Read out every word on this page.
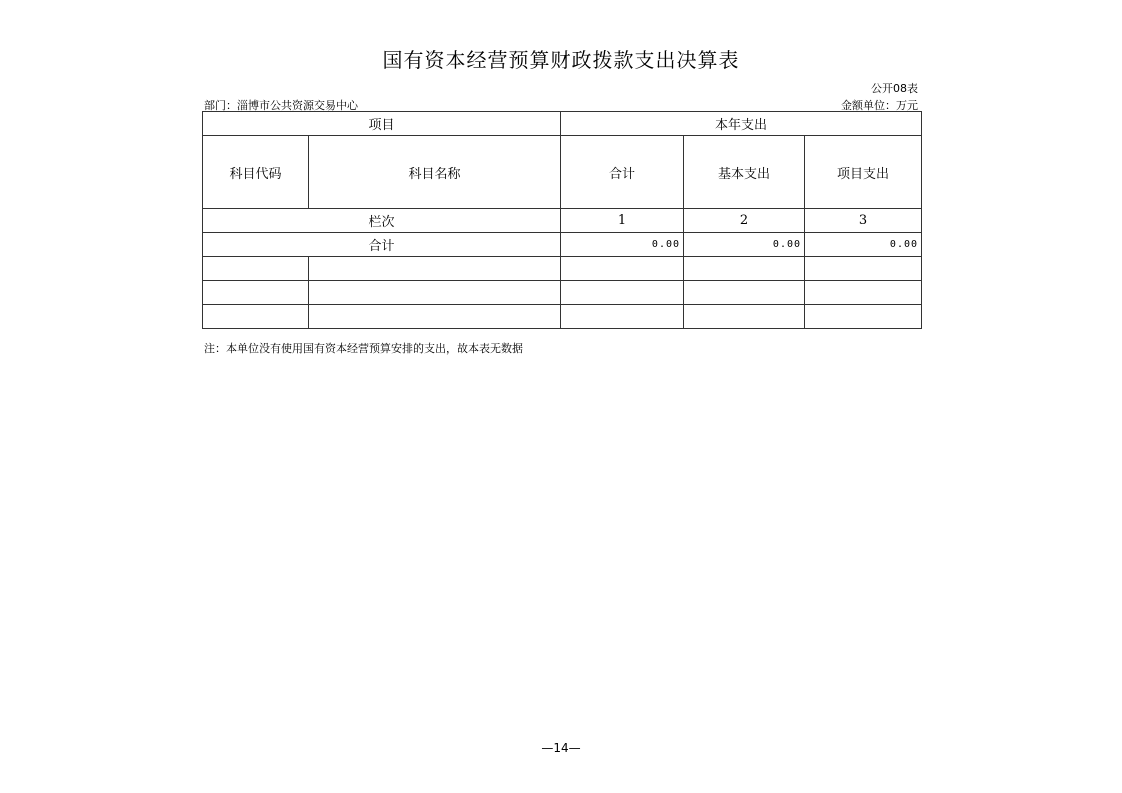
国有资本经营预算财政拨款支出决算表
公开08表
部门：淄博市公共资源交易中心	金额单位：万元
项目		本年支出		
科目代码	科目名称	合计	基本支出	项目支出
栏次		1	2	3
合计		0.00	0.00	0.00

注：本单位没有使用国有资本经营预算安排的支出，故本表无数据
—14—
